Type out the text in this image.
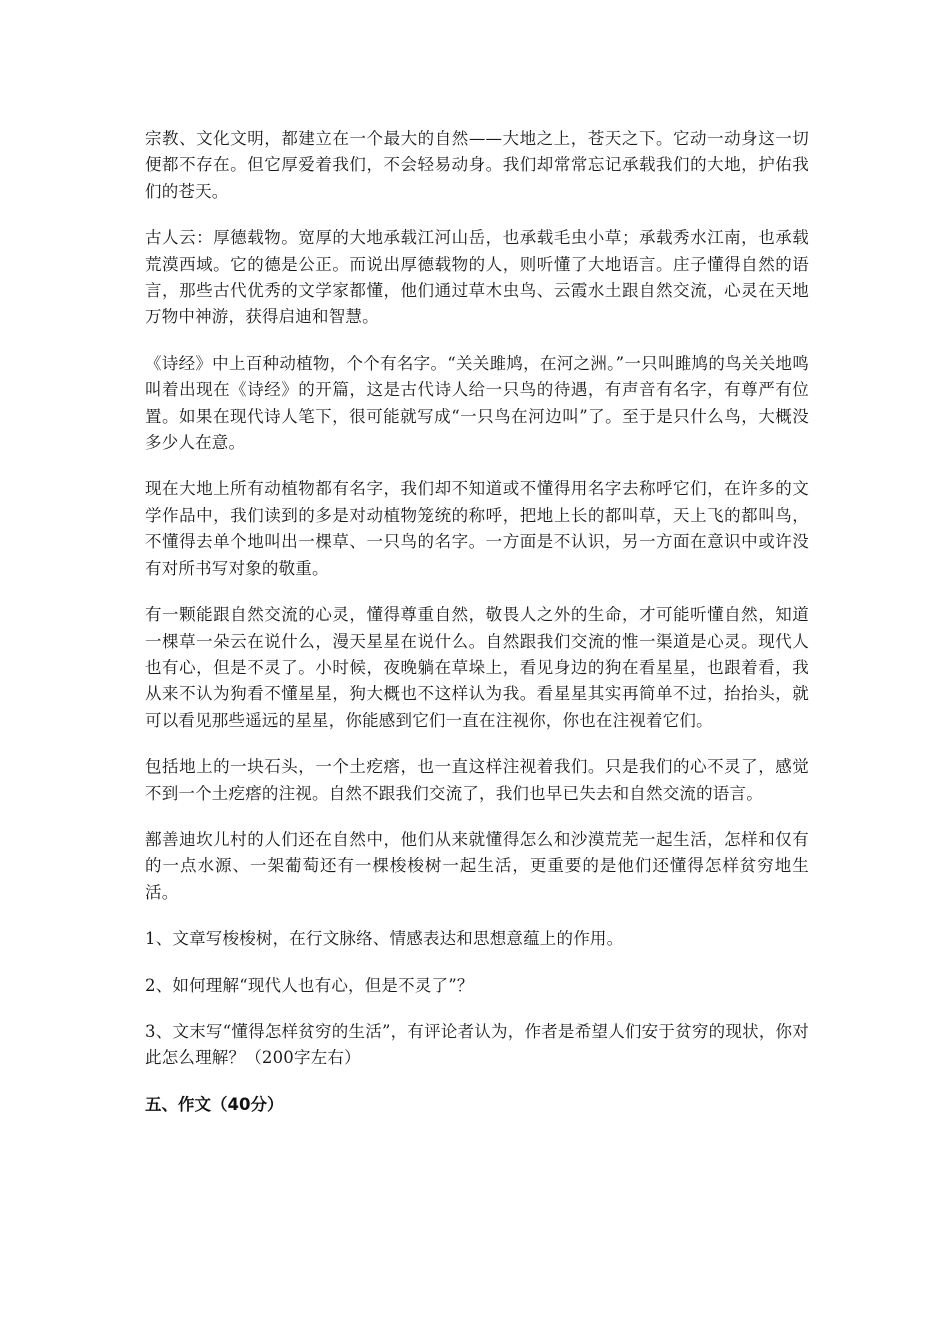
宗教、文化文明，都建立在一个最大的自然——大地之上，苍天之下。它动一动身这一切便都不存在。但它厚爱着我们，不会轻易动身。我们却常常忘记承载我们的大地，护佑我们的苍天。

古人云：厚德载物。宽厚的大地承载江河山岳，也承载毛虫小草；承载秀水江南，也承载荒漠西域。它的德是公正。而说出厚德载物的人，则听懂了大地语言。庄子懂得自然的语言，那些古代优秀的文学家都懂，他们通过草木虫鸟、云霞水土跟自然交流，心灵在天地万物中神游，获得启迪和智慧。

《诗经》中上百种动植物，个个有名字。“关关雎鸠，在河之洲。”一只叫雎鸠的鸟关关地鸣叫着出现在《诗经》的开篇，这是古代诗人给一只鸟的待遇，有声音有名字，有尊严有位置。如果在现代诗人笔下，很可能就写成“一只鸟在河边叫”了。至于是只什么鸟，大概没多少人在意。

现在大地上所有动植物都有名字，我们却不知道或不懂得用名字去称呼它们，在许多的文学作品中，我们读到的多是对动植物笼统的称呼，把地上长的都叫草，天上飞的都叫鸟，不懂得去单个地叫出一棵草、一只鸟的名字。一方面是不认识，另一方面在意识中或许没有对所书写对象的敬重。

有一颗能跟自然交流的心灵，懂得尊重自然，敬畏人之外的生命，才可能听懂自然，知道一棵草一朵云在说什么，漫天星星在说什么。自然跟我们交流的惟一渠道是心灵。现代人也有心，但是不灵了。小时候，夜晚躺在草垛上，看见身边的狗在看星星，也跟着看，我从来不认为狗看不懂星星，狗大概也不这样认为我。看星星其实再简单不过，抬抬头，就可以看见那些遥远的星星，你能感到它们一直在注视你，你也在注视着它们。

包括地上的一块石头，一个土疙瘩，也一直这样注视着我们。只是我们的心不灵了，感觉不到一个土疙瘩的注视。自然不跟我们交流了，我们也早已失去和自然交流的语言。

鄯善迪坎儿村的人们还在自然中，他们从来就懂得怎么和沙漠荒芜一起生活，怎样和仅有的一点水源、一架葡萄还有一棵梭梭树一起生活，更重要的是他们还懂得怎样贫穷地生活。

1、文章写梭梭树，在行文脉络、情感表达和思想意蕴上的作用。

2、如何理解“现代人也有心，但是不灵了”？

3、文末写“懂得怎样贫穷的生活”，有评论者认为，作者是希望人们安于贫穷的现状，你对此怎么理解？（200字左右）

五、作文（40分）
